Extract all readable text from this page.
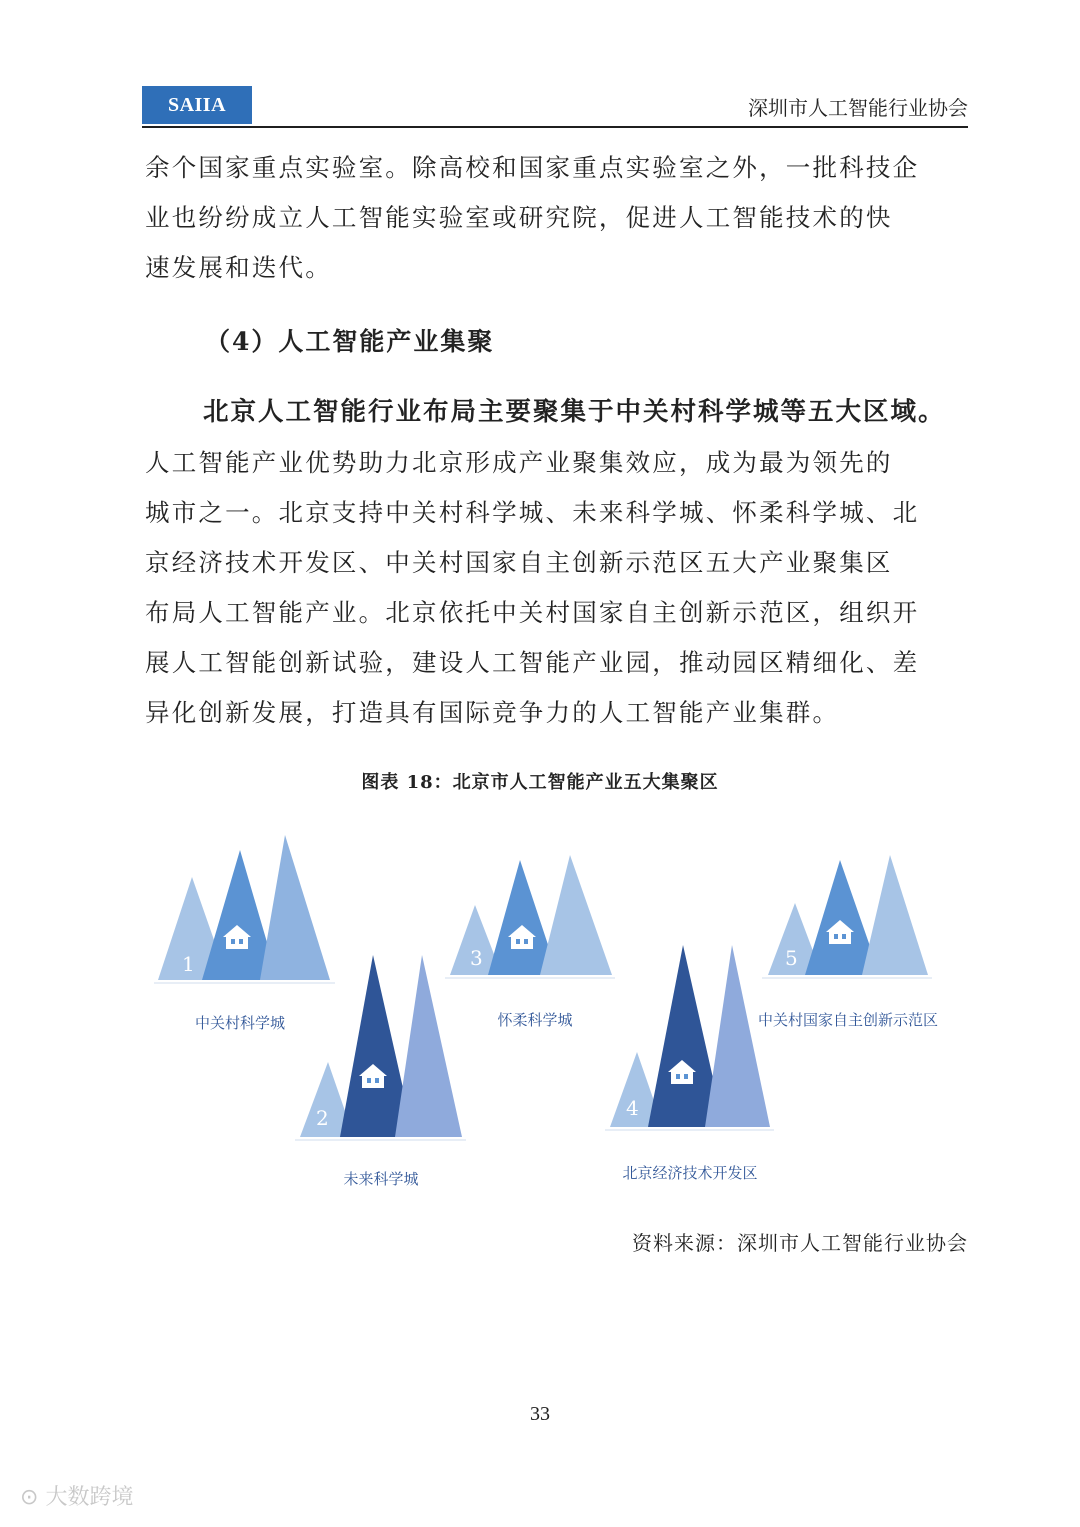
SAIIA	深圳市人工智能行业协会

余个国家重点实验室。除高校和国家重点实验室之外，一批科技企
业也纷纷成立人工智能实验室或研究院，促进人工智能技术的快
速发展和迭代。

（4）人工智能产业集聚
北京人工智能行业布局主要聚集于中关村科学城等五大区域。

人工智能产业优势助力北京形成产业聚集效应，成为最为领先的
城市之一。北京支持中关村科学城、未来科学城、怀柔科学城、北
京经济技术开发区、中关村国家自主创新示范区五大产业聚集区
布局人工智能产业。北京依托中关村国家自主创新示范区，组织开
展人工智能创新试验，建设人工智能产业园，推动园区精细化、差
异化创新发展，打造具有国际竞争力的人工智能产业集群。

图表 18：北京市人工智能产业五大集聚区
1
中关村科学城
2
未来科学城
3
怀柔科学城
4
北京经济技术开发区
5
中关村国家自主创新示范区
资料来源：深圳市人工智能行业协会
33
⊙ 大数跨境
